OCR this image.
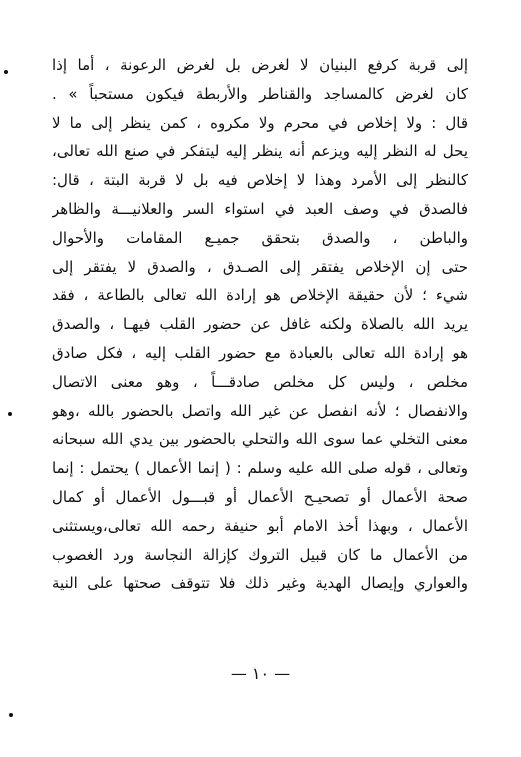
إلى قربة كرفع البنيان لا لغرض بل لغرض الرعونة ، أما إذا
كان لغرض كالمساجد والقناطر والأربطة فيكون مستحباً » .
قال : ولا إخلاص في محرم ولا مكروه ، كمن ينظر إلى ما لا
يحل له النظر إليه ويزعم أنه ينظر إليه ليتفكر في صنع الله تعالى،
كالنظر إلى الأمرد وهذا لا إخلاص فيه بل لا قربة البتة ، قال:
فالصدق في وصف العبد في استواء السر والعلانيـــة والظاهر
والباطن ، والصدق بتحقق جميـع المقامات والأحوال
حتى إن الإخلاص يفتقر إلى الصـدق ، والصدق لا يفتقر إلى
شيء ؛ لأن حقيقة الإخلاص هو إرادة الله تعالى بالطاعة ، فقد
يريد الله بالصلاة ولكنه غافل عن حضور القلب فيهـا ، والصدق
هو إرادة الله تعالى بالعبادة مع حضور القلب إليه ، فكل صادق
مخلص ، وليس كل مخلص صادقـــاً ، وهو معنى الاتصال
والانفصال ؛ لأنه انفصل عن غير الله واتصل بالحضور بالله ،وهو
معنى التخلي عما سوى الله والتحلي بالحضور بين يدي الله سبحانه
وتعالى ، قوله صلى الله عليه وسلم : ( إنما الأعمال ) يحتمل : إنما
صحة الأعمال أو تصحيـح الأعمال أو قبـــول الأعمال أو كمال
الأعمال ، وبهذا أخذ الامام أبو حنيفة رحمه الله تعالى،ويستثنى
من الأعمال ما كان قبيل التروك كإزالة النجاسة ورد الغصوب
والعواري وإيصال الهدية وغير ذلك فلا تتوقف صحتها على النية
— ١٠ —
